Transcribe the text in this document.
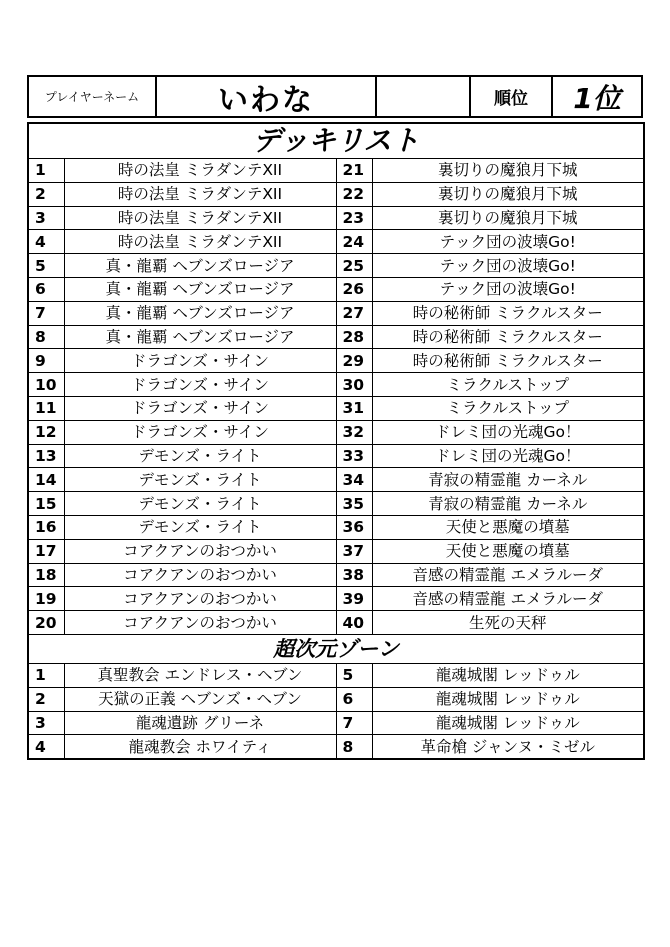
プレイヤーネーム	いわな	順位	1位
デッキリスト			
1	時の法皇 ミラダンテXII	21	裏切りの魔狼月下城
2	時の法皇 ミラダンテXII	22	裏切りの魔狼月下城
3	時の法皇 ミラダンテXII	23	裏切りの魔狼月下城
4	時の法皇 ミラダンテXII	24	テック団の波壊Go!
5	真・龍覇 ヘブンズロージア	25	テック団の波壊Go!
6	真・龍覇 ヘブンズロージア	26	テック団の波壊Go!
7	真・龍覇 ヘブンズロージア	27	時の秘術師 ミラクルスター
8	真・龍覇 ヘブンズロージア	28	時の秘術師 ミラクルスター
9	ドラゴンズ・サイン	29	時の秘術師 ミラクルスター
10	ドラゴンズ・サイン	30	ミラクルストップ
11	ドラゴンズ・サイン	31	ミラクルストップ
12	ドラゴンズ・サイン	32	ドレミ団の光魂Go！
13	デモンズ・ライト	33	ドレミ団の光魂Go！
14	デモンズ・ライト	34	青寂の精霊龍 カーネル
15	デモンズ・ライト	35	青寂の精霊龍 カーネル
16	デモンズ・ライト	36	天使と悪魔の墳墓
17	コアクアンのおつかい	37	天使と悪魔の墳墓
18	コアクアンのおつかい	38	音感の精霊龍 エメラルーダ
19	コアクアンのおつかい	39	音感の精霊龍 エメラルーダ
20	コアクアンのおつかい	40	生死の天秤
超次元ゾーン			
1	真聖教会 エンドレス・ヘブン	5	龍魂城閣 レッドゥル
2	天獄の正義 ヘブンズ・ヘブン	6	龍魂城閣 レッドゥル
3	龍魂遺跡 グリーネ	7	龍魂城閣 レッドゥル
4	龍魂教会 ホワイティ	8	革命槍 ジャンヌ・ミゼル
